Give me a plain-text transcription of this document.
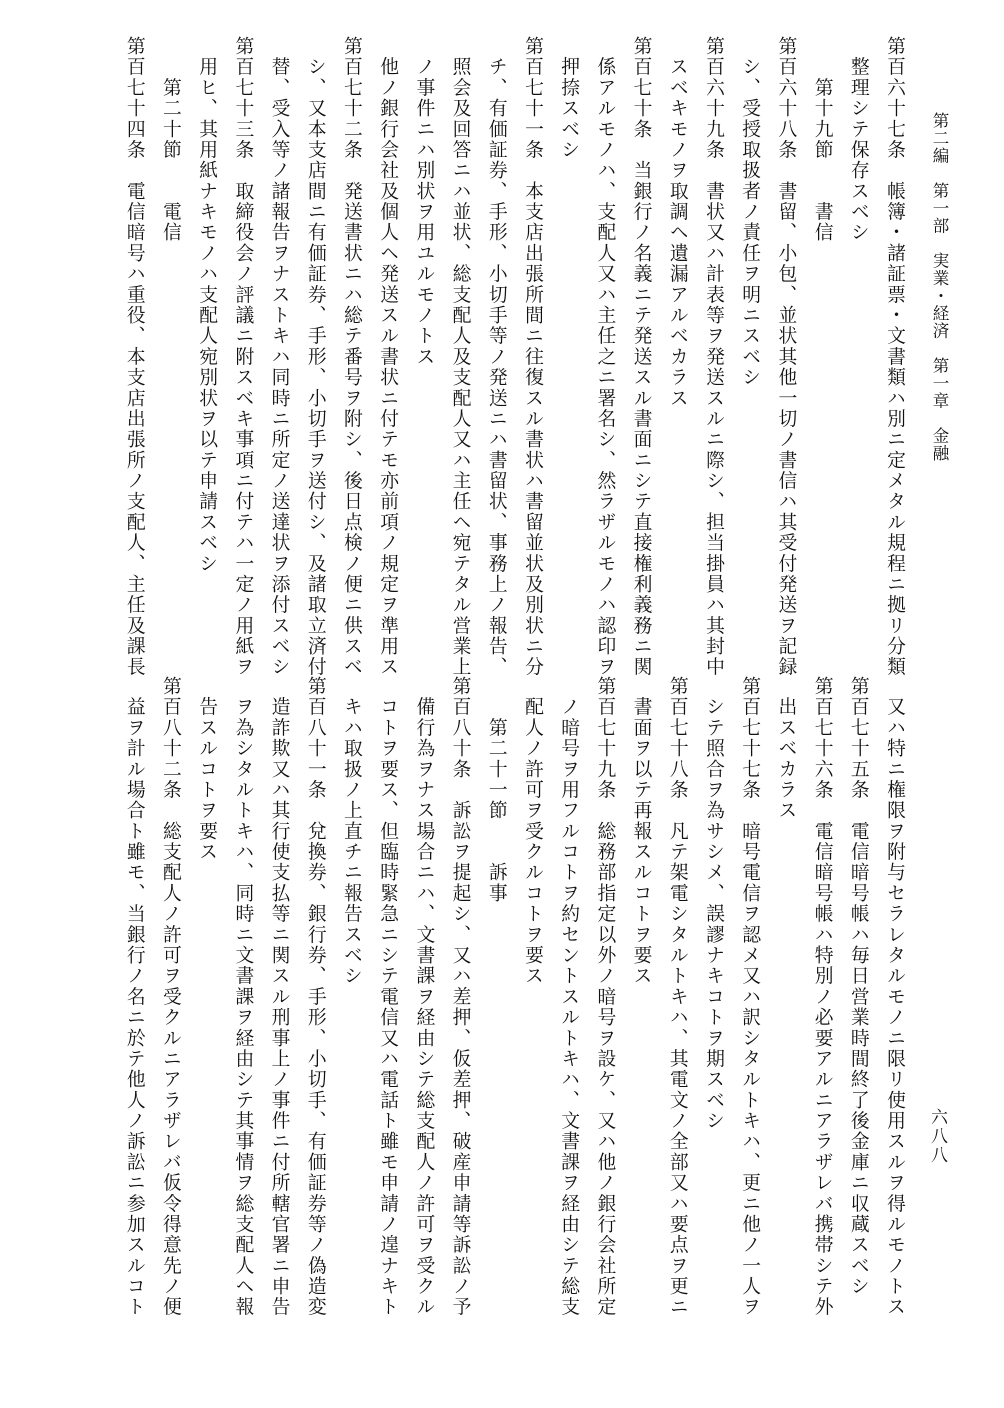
第二編　第一部　実業・経済　第一章　金融
六八八
第百六十七条　帳簿・諸証票・文書類ハ別ニ定メタル規程ニ拠リ分類
　整理シテ保存スベシ
　　第十九節　　書信
第百六十八条　書留、小包、並状其他一切ノ書信ハ其受付発送ヲ記録
　シ、受授取扱者ノ責任ヲ明ニスベシ
第百六十九条　書状又ハ計表等ヲ発送スルニ際シ、担当掛員ハ其封中
　スベキモノヲ取調ヘ遺漏アルベカラス
第百七十条　当銀行ノ名義ニテ発送スル書面ニシテ直接権利義務ニ関
　係アルモノハ、支配人又ハ主任之ニ署名シ、然ラザルモノハ認印ヲ
　押捺スベシ
第百七十一条　本支店出張所間ニ往復スル書状ハ書留並状及別状ニ分
　チ、有価証券、手形、小切手等ノ発送ニハ書留状、事務上ノ報告、
　照会及回答ニハ並状、総支配人及支配人又ハ主任ヘ宛テタル営業上
　ノ事件ニハ別状ヲ用ユルモノトス
　他ノ銀行会社及個人ヘ発送スル書状ニ付テモ亦前項ノ規定ヲ準用ス
第百七十二条　発送書状ニハ総テ番号ヲ附シ、後日点検ノ便ニ供スベ
　シ、又本支店間ニ有価証券、手形、小切手ヲ送付シ、及諸取立済付
　替、受入等ノ諸報告ヲナストキハ同時ニ所定ノ送達状ヲ添付スベシ
第百七十三条　取締役会ノ評議ニ附スベキ事項ニ付テハ一定ノ用紙ヲ
　用ヒ、其用紙ナキモノハ支配人宛別状ヲ以テ申請スベシ
　　第二十節　　電信
第百七十四条　電信暗号ハ重役、本支店出張所ノ支配人、主任及課長
　又ハ特ニ権限ヲ附与セラレタルモノニ限リ使用スルヲ得ルモノトス
第百七十五条　電信暗号帳ハ毎日営業時間終了後金庫ニ収蔵スベシ
第百七十六条　電信暗号帳ハ特別ノ必要アルニアラザレバ携帯シテ外
　出スベカラス
第百七十七条　暗号電信ヲ認メ又ハ訳シタルトキハ、更ニ他ノ一人ヲ
　シテ照合ヲ為サシメ、誤謬ナキコトヲ期スベシ
第百七十八条　凡テ架電シタルトキハ、其電文ノ全部又ハ要点ヲ更ニ
　書面ヲ以テ再報スルコトヲ要ス
第百七十九条　総務部指定以外ノ暗号ヲ設ケ、又ハ他ノ銀行会社所定
　ノ暗号ヲ用フルコトヲ約セントスルトキハ、文書課ヲ経由シテ総支
　配人ノ許可ヲ受クルコトヲ要ス
　　第二十一節　　訴事
第百八十条　訴訟ヲ提起シ、又ハ差押、仮差押、破産申請等訴訟ノ予
　備行為ヲナス場合ニハ、文書課ヲ経由シテ総支配人ノ許可ヲ受クル
　コトヲ要ス、但臨時緊急ニシテ電信又ハ電話ト雖モ申請ノ遑ナキト
　キハ取扱ノ上直チニ報告スベシ
第百八十一条　兌換券、銀行券、手形、小切手、有価証券等ノ偽造変
　造詐欺又ハ其行使支払等ニ関スル刑事上ノ事件ニ付所轄官署ニ申告
　ヲ為シタルトキハ、同時ニ文書課ヲ経由シテ其事情ヲ総支配人ヘ報
　告スルコトヲ要ス
第百八十二条　総支配人ノ許可ヲ受クルニアラザレバ仮令得意先ノ便
　益ヲ計ル場合ト雖モ、当銀行ノ名ニ於テ他人ノ訴訟ニ参加スルコト
